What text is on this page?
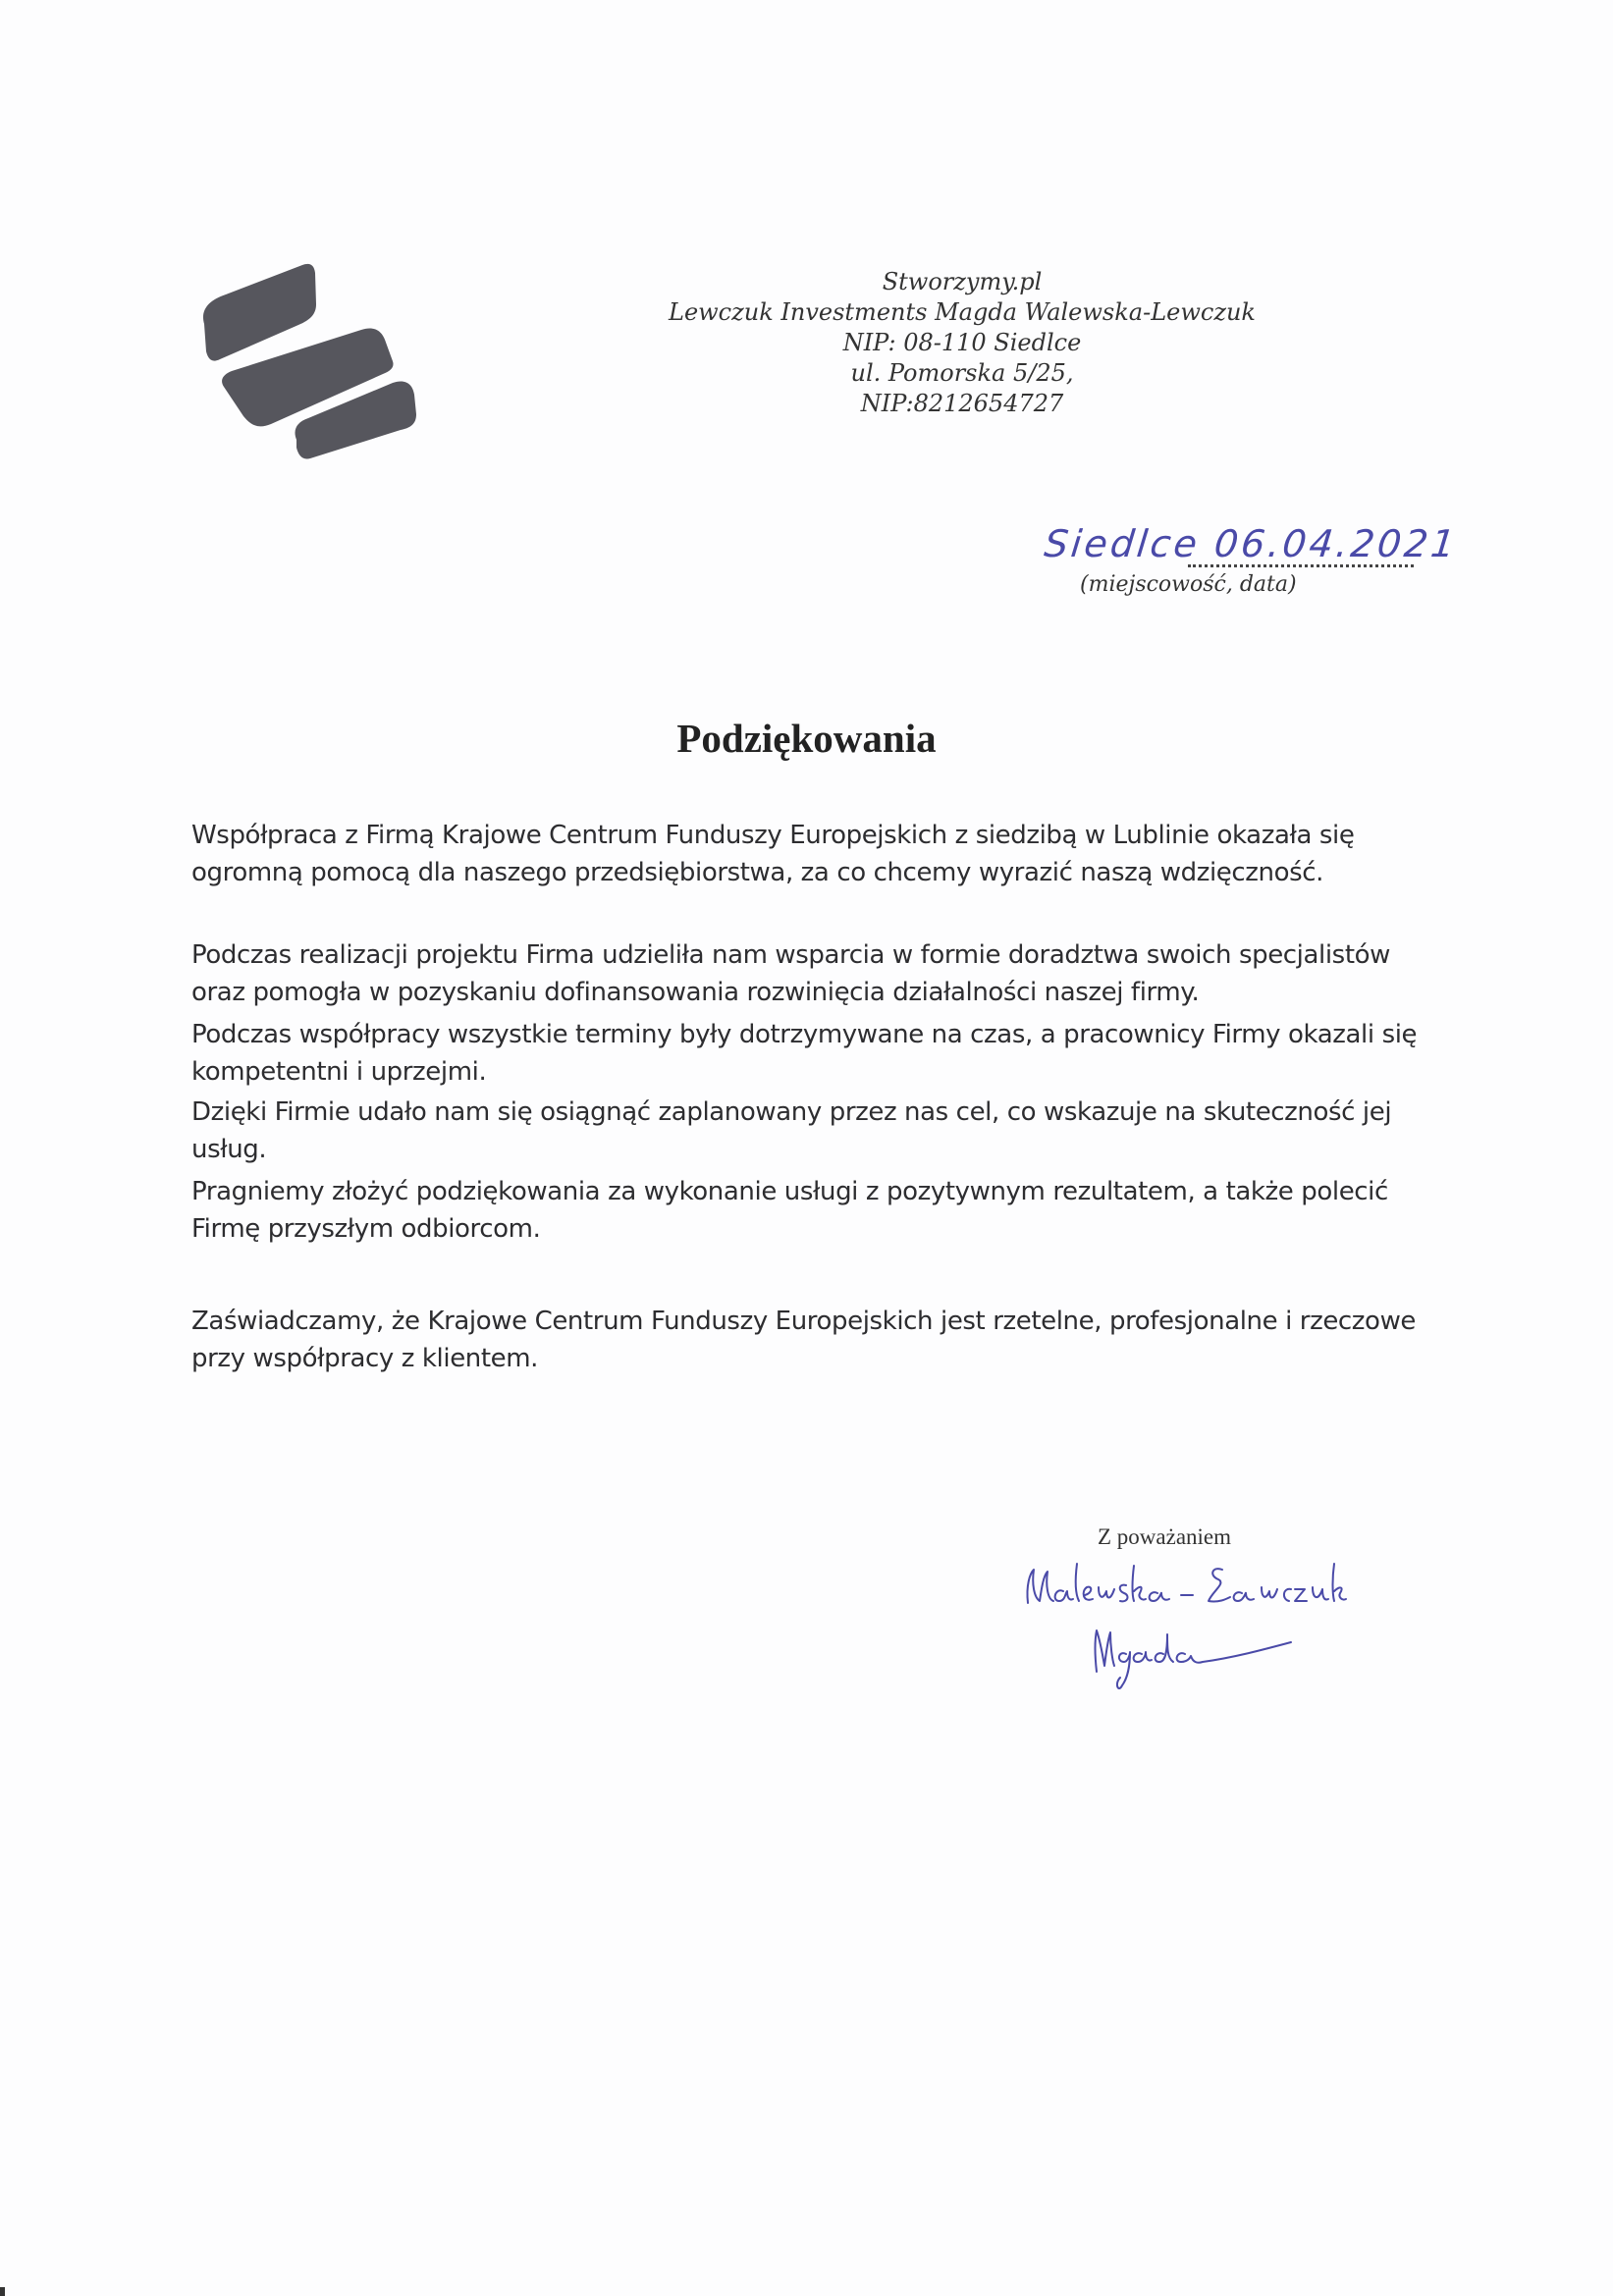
Stworzymy.pl
Lewczuk Investments Magda Walewska-Lewczuk
NIP: 08-110 Siedlce
ul. Pomorska 5/25,
NIP:8212654727
Siedlce 06.04.2021
(miejscowość, data)
Podziękowania

Współpraca z Firmą Krajowe Centrum Funduszy Europejskich z siedzibą w Lublinie okazała się

ogromną pomocą dla naszego przedsiębiorstwa, za co chcemy wyrazić naszą wdzięczność.

Podczas realizacji projektu Firma udzieliła nam wsparcia w formie doradztwa swoich specjalistów

oraz pomogła w pozyskaniu dofinansowania rozwinięcia działalności naszej firmy.

Podczas współpracy wszystkie terminy były dotrzymywane na czas, a pracownicy Firmy okazali się

kompetentni i uprzejmi.

Dzięki Firmie udało nam się osiągnąć zaplanowany przez nas cel, co wskazuje na skuteczność jej

usług.

Pragniemy złożyć podziękowania za wykonanie usługi z pozytywnym rezultatem, a także polecić

Firmę przyszłym odbiorcom.

Zaświadczamy, że Krajowe Centrum Funduszy Europejskich jest rzetelne, profesjonalne i rzeczowe

przy współpracy z klientem.

Z poważaniem
